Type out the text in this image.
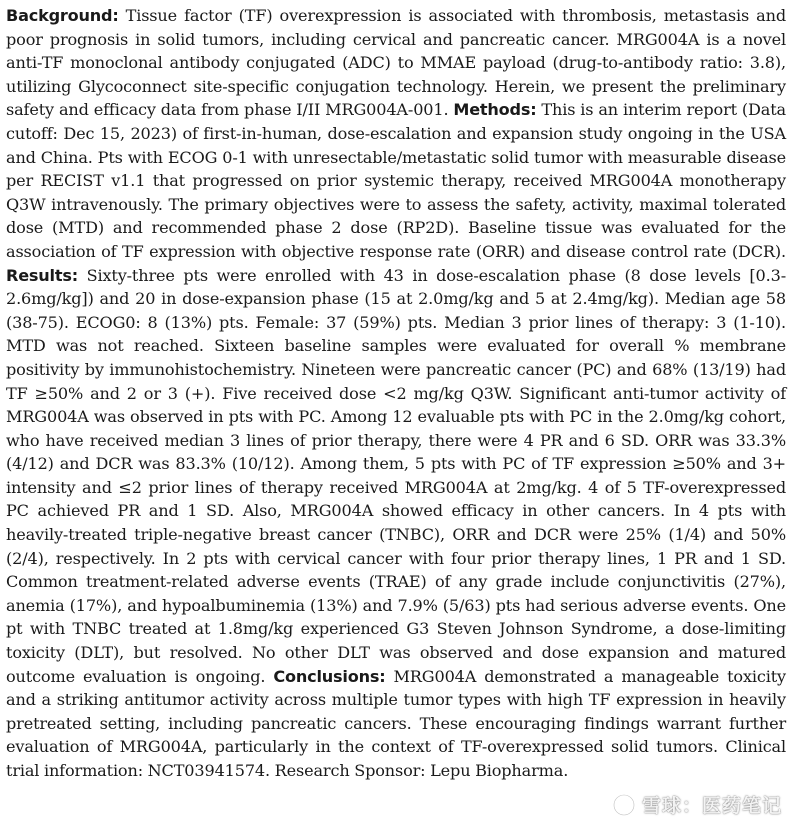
Background: Tissue factor (TF) overexpression is associated with thrombosis, metastasis and poor prognosis in solid tumors, including cervical and pancreatic cancer. MRG004A is a novel anti-TF monoclonal antibody conjugated (ADC) to MMAE payload (drug-to-antibody ratio: 3.8), utilizing Glycoconnect site-specific conjugation technology. Herein, we present the preliminary safety and efficacy data from phase I/II MRG004A-001. Methods: This is an interim report (Data cutoff: Dec 15, 2023) of first-in-human, dose-escalation and expansion study ongoing in the USA and China. Pts with ECOG 0-1 with unresectable/metastatic solid tumor with measurable disease per RECIST v1.1 that progressed on prior systemic therapy, received MRG004A monotherapy Q3W intravenously. The primary objectives were to assess the safety, activity, maximal tolerated dose (MTD) and recommended phase 2 dose (RP2D). Baseline tissue was evaluated for the association of TF expression with objective response rate (ORR) and disease control rate (DCR). Results: Sixty-three pts were enrolled with 43 in dose-escalation phase (8 dose levels [0.3-2.6mg/kg]) and 20 in dose-expansion phase (15 at 2.0mg/kg and 5 at 2.4mg/kg). Median age 58 (38-75). ECOG0: 8 (13%) pts. Female: 37 (59%) pts. Median 3 prior lines of therapy: 3 (1-10). MTD was not reached. Sixteen baseline samples were evaluated for overall % membrane positivity by immunohistochemistry. Nineteen were pancreatic cancer (PC) and 68% (13/19) had TF ≥50% and 2 or 3 (+). Five received dose <2 mg/kg Q3W. Significant anti-tumor activity of MRG004A was observed in pts with PC. Among 12 evaluable pts with PC in the 2.0mg/kg cohort, who have received median 3 lines of prior therapy, there were 4 PR and 6 SD. ORR was 33.3% (4/12) and DCR was 83.3% (10/12). Among them, 5 pts with PC of TF expression ≥50% and 3+ intensity and ≤2 prior lines of therapy received MRG004A at 2mg/kg. 4 of 5 TF-overexpressed PC achieved PR and 1 SD. Also, MRG004A showed efficacy in other cancers. In 4 pts with heavily-treated triple-negative breast cancer (TNBC), ORR and DCR were 25% (1/4) and 50% (2/4), respectively. In 2 pts with cervical cancer with four prior therapy lines, 1 PR and 1 SD. Common treatment-related adverse events (TRAE) of any grade include conjunctivitis (27%), anemia (17%), and hypoalbuminemia (13%) and 7.9% (5/63) pts had serious adverse events. One pt with TNBC treated at 1.8mg/kg experienced G3 Steven Johnson Syndrome, a dose-limiting toxicity (DLT), but resolved. No other DLT was observed and dose expansion and matured outcome evaluation is ongoing. Conclusions: MRG004A demonstrated a manageable toxicity and a striking antitumor activity across multiple tumor types with high TF expression in heavily pretreated setting, including pancreatic cancers. These encouraging findings warrant further evaluation of MRG004A, particularly in the context of TF-overexpressed solid tumors. Clinical trial information: NCT03941574. Research Sponsor: Lepu Biopharma.

雪球：医药笔记
